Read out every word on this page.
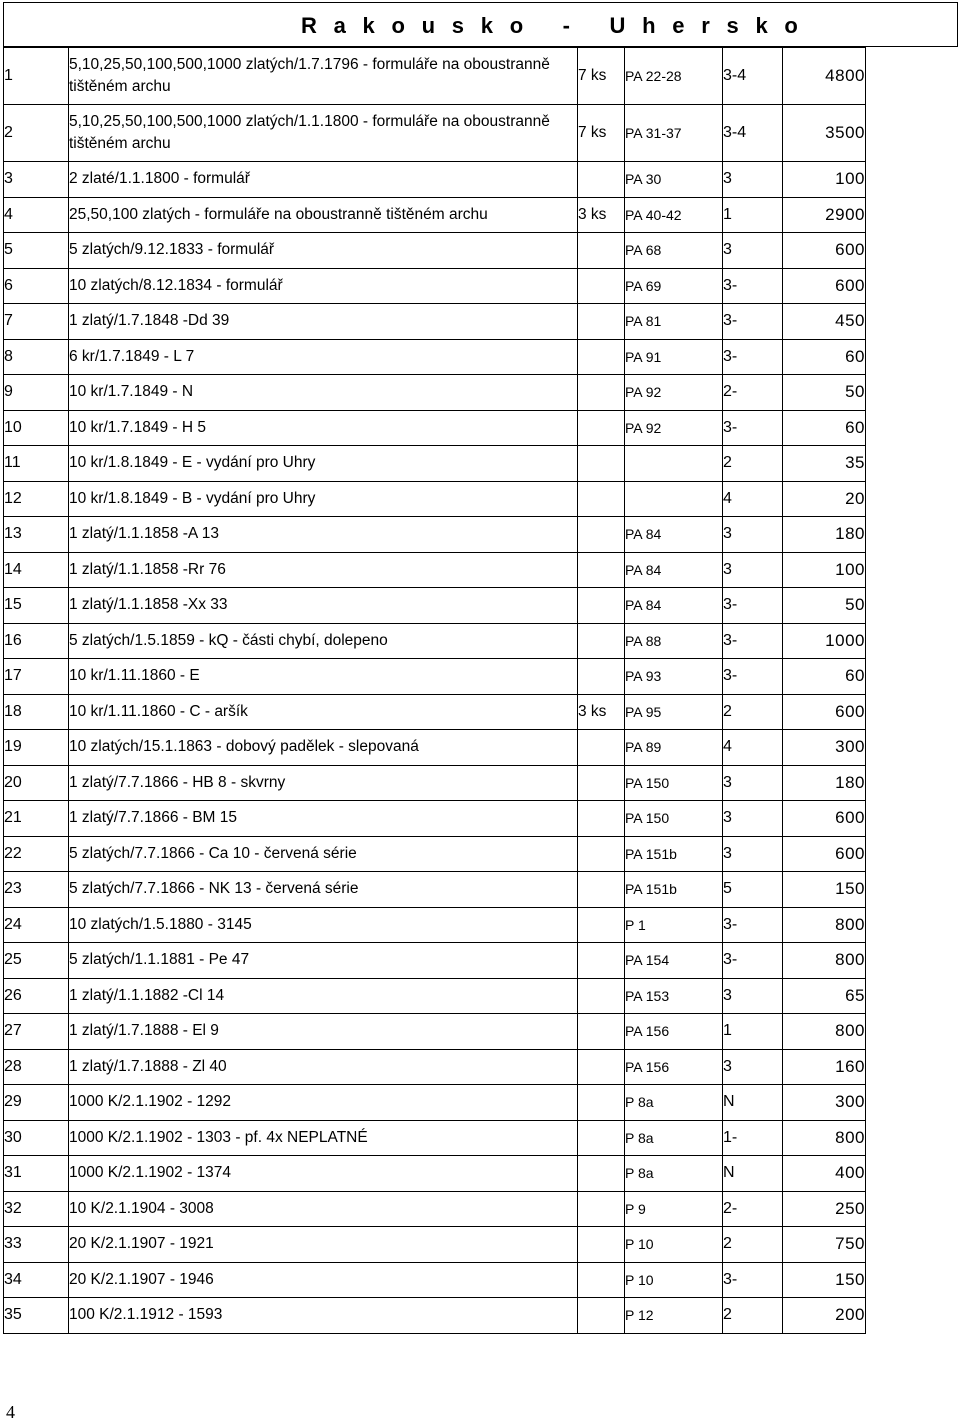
R a k o u s k o   -   U h e r s k o
1	5,10,25,50,100,500,1000 zlatých/1.7.1796 - formuláře na oboustranně tištěném archu	7 ks	PA 22-28	3-4	4800
2	5,10,25,50,100,500,1000 zlatých/1.1.1800 - formuláře na oboustranně tištěném archu	7 ks	PA 31-37	3-4	3500
3	2 zlaté/1.1.1800 - formulář		PA 30	3	100
4	25,50,100 zlatých - formuláře na oboustranně tištěném archu	3 ks	PA 40-42	1	2900
5	5 zlatých/9.12.1833 - formulář		PA 68	3	600
6	10 zlatých/8.12.1834 - formulář		PA 69	3-	600
7	1 zlatý/1.7.1848 -Dd 39		PA 81	3-	450
8	6 kr/1.7.1849 - L 7		PA 91	3-	60
9	10 kr/1.7.1849 - N		PA 92	2-	50
10	10 kr/1.7.1849 - H 5		PA 92	3-	60
11	10 kr/1.8.1849 - E - vydání pro Uhry			2	35
12	10 kr/1.8.1849 - B - vydání pro Uhry			4	20
13	1 zlatý/1.1.1858 -A 13		PA 84	3	180
14	1 zlatý/1.1.1858 -Rr 76		PA 84	3	100
15	1 zlatý/1.1.1858 -Xx 33		PA 84	3-	50
16	5 zlatých/1.5.1859 - kQ - části chybí, dolepeno		PA 88	3-	1000
17	10 kr/1.11.1860 - E		PA 93	3-	60
18	10 kr/1.11.1860 - C - aršík	3 ks	PA 95	2	600
19	10 zlatých/15.1.1863 - dobový padělek - slepovaná		PA 89	4	300
20	1 zlatý/7.7.1866 - HB 8 - skvrny		PA 150	3	180
21	1 zlatý/7.7.1866 - BM 15		PA 150	3	600
22	5 zlatých/7.7.1866 - Ca 10 - červená série		PA 151b	3	600
23	5 zlatých/7.7.1866 - NK 13 - červená série		PA 151b	5	150
24	10 zlatých/1.5.1880 - 3145		P 1	3-	800
25	5 zlatých/1.1.1881 - Pe 47		PA 154	3-	800
26	1 zlatý/1.1.1882 -Cl 14		PA 153	3	65
27	1 zlatý/1.7.1888 - El 9		PA 156	1	800
28	1 zlatý/1.7.1888 - Zl 40		PA 156	3	160
29	1000 K/2.1.1902 - 1292		P 8a	N	300
30	1000 K/2.1.1902 - 1303 - pf. 4x NEPLATNÉ		P 8a	1-	800
31	1000 K/2.1.1902 - 1374		P 8a	N	400
32	10 K/2.1.1904 - 3008		P 9	2-	250
33	20 K/2.1.1907 - 1921		P 10	2	750
34	20 K/2.1.1907 - 1946		P 10	3-	150
35	100 K/2.1.1912 - 1593		P 12	2	200
4
